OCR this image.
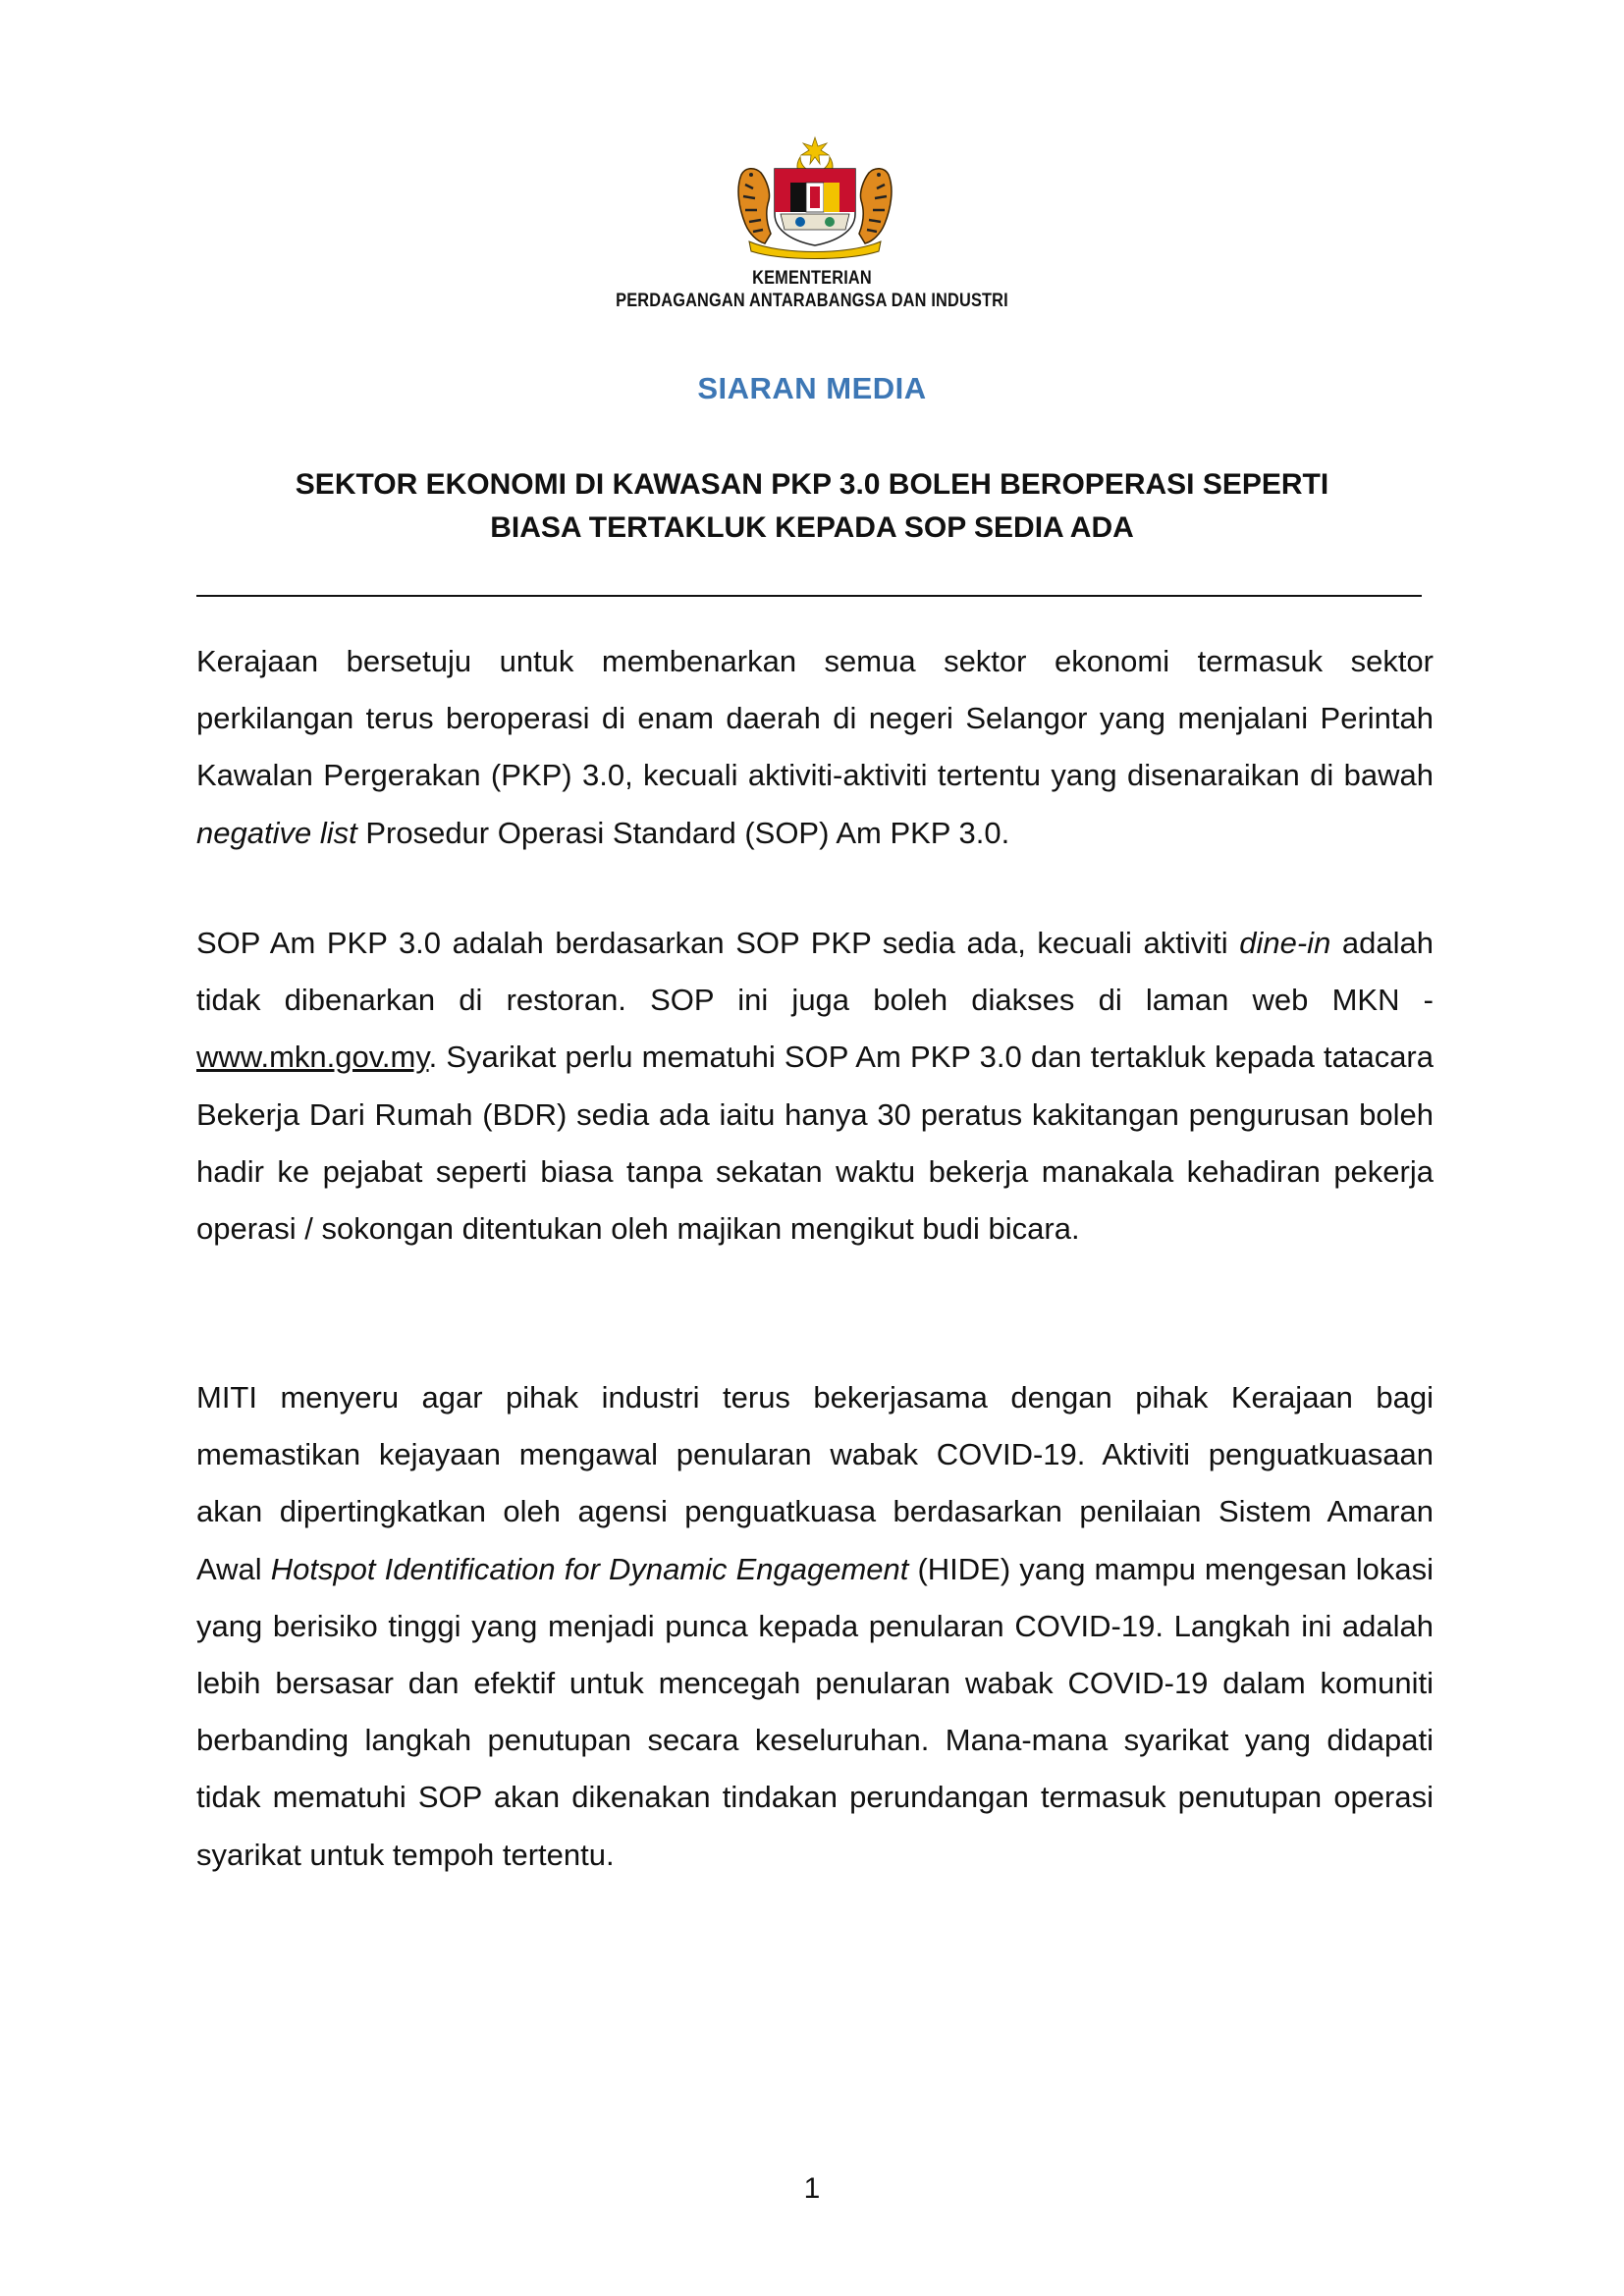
KEMENTERIAN
PERDAGANGAN ANTARABANGSA DAN INDUSTRI
SIARAN MEDIA
SEKTOR EKONOMI DI KAWASAN PKP 3.0 BOLEH BEROPERASI SEPERTI
BIASA TERTAKLUK KEPADA SOP SEDIA ADA
Kerajaan bersetuju untuk membenarkan semua sektor ekonomi termasuk sektor perkilangan terus beroperasi di enam daerah di negeri Selangor yang menjalani Perintah Kawalan Pergerakan (PKP) 3.0, kecuali aktiviti-aktiviti tertentu yang disenaraikan di bawah negative list Prosedur Operasi Standard (SOP) Am PKP 3.0.
SOP Am PKP 3.0 adalah berdasarkan SOP PKP sedia ada, kecuali aktiviti dine-in adalah tidak dibenarkan di restoran. SOP ini juga boleh diakses di laman web MKN - www.mkn.gov.my. Syarikat perlu mematuhi SOP Am PKP 3.0 dan tertakluk kepada tatacara Bekerja Dari Rumah (BDR) sedia ada iaitu hanya 30 peratus kakitangan pengurusan boleh hadir ke pejabat seperti biasa tanpa sekatan waktu bekerja manakala kehadiran pekerja operasi / sokongan ditentukan oleh majikan mengikut budi bicara.
MITI menyeru agar pihak industri terus bekerjasama dengan pihak Kerajaan bagi memastikan kejayaan mengawal penularan wabak COVID-19. Aktiviti penguatkuasaan akan dipertingkatkan oleh agensi penguatkuasa berdasarkan penilaian Sistem Amaran Awal Hotspot Identification for Dynamic Engagement (HIDE) yang mampu mengesan lokasi yang berisiko tinggi yang menjadi punca kepada penularan COVID-19. Langkah ini adalah lebih bersasar dan efektif untuk mencegah penularan wabak COVID-19 dalam komuniti berbanding langkah penutupan secara keseluruhan. Mana-mana syarikat yang didapati tidak mematuhi SOP akan dikenakan tindakan perundangan termasuk penutupan operasi syarikat untuk tempoh tertentu.
1
